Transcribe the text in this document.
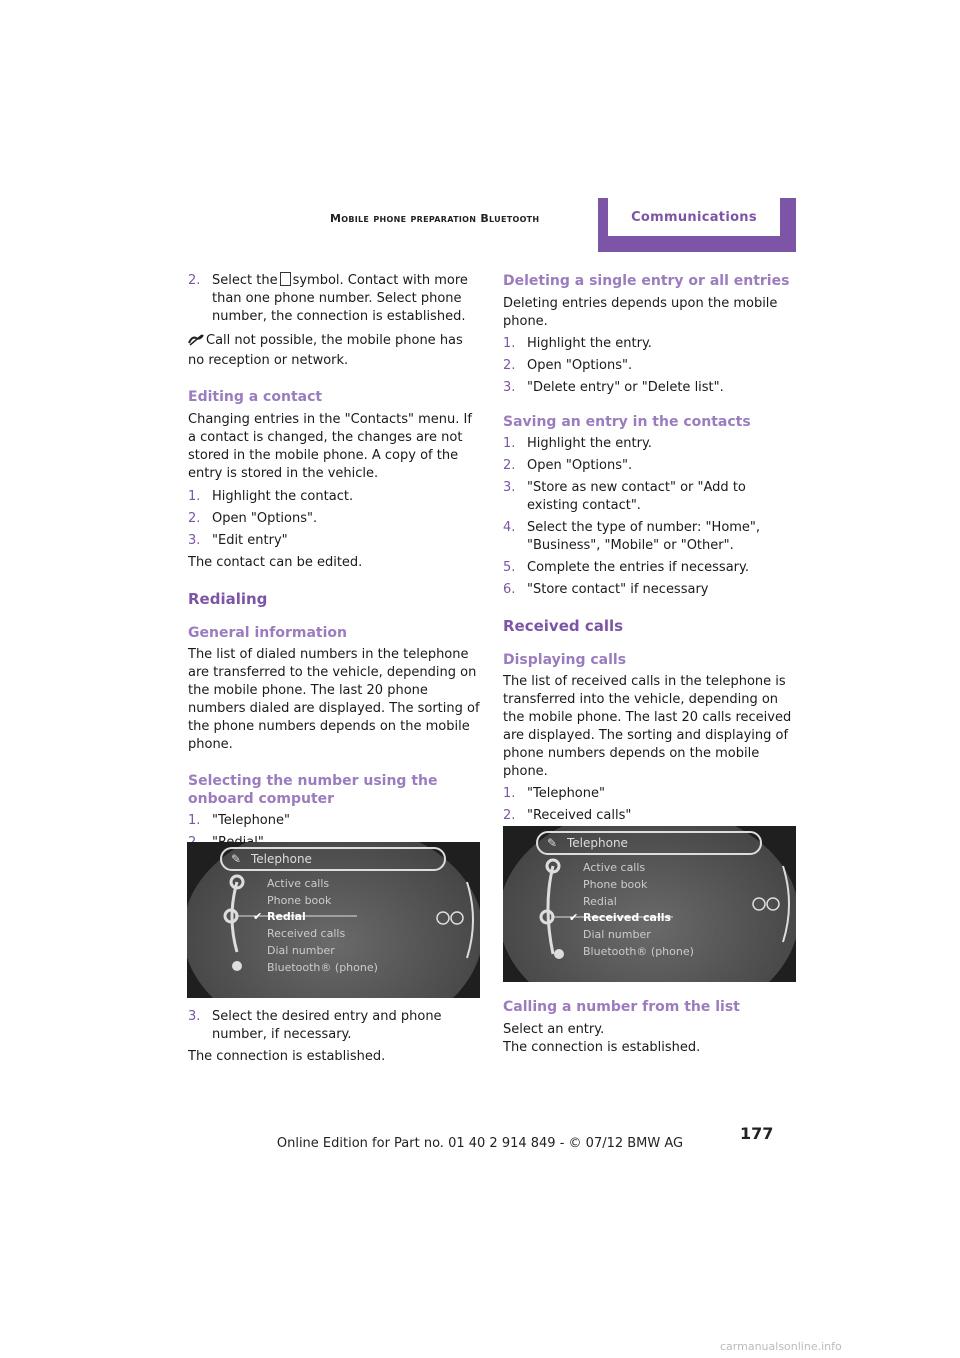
Mobile phone preparation Bluetooth	Communications
2. Select the symbol. Contact with more than one phone number. Select phone number, the connection is established.

Call not possible, the mobile phone has no reception or network.

Editing a contact

Changing entries in the "Contacts" menu. If a contact is changed, the changes are not stored in the mobile phone. A copy of the entry is stored in the vehicle.

1. Highlight the contact.
2. Open "Options".
3. "Edit entry"

The contact can be edited.

Redialing

General information

The list of dialed numbers in the telephone are transferred to the vehicle, depending on the mobile phone. The last 20 phone numbers dialed are displayed. The sorting of the phone numbers depends on the mobile phone.

Selecting the number using the onboard computer

1. "Telephone"
Telephone
✎
Active calls
Phone book
✔ Redial
Received calls
Dial number
Bluetooth® (phone)
3. Select the desired entry and phone number, if necessary.

The connection is established.

Deleting a single entry or all entries

Deleting entries depends upon the mobile phone.

1. Highlight the entry.
2. Open "Options".
3. "Delete entry" or "Delete list".

Saving an entry in the contacts

1. Highlight the entry.
2. Open "Options".
3. "Store as new contact" or "Add to existing contact".
4. Select the type of number: "Home", "Business", "Mobile" or "Other".
5. Complete the entries if necessary.
6. "Store contact" if necessary

Received calls

Displaying calls

The list of received calls in the telephone is transferred into the vehicle, depending on the mobile phone. The last 20 calls received are displayed. The sorting and displaying of phone numbers depends on the mobile phone.

1. "Telephone"
2. "Received calls"
Telephone
✎
Active calls
Phone book
Redial
✔ Received calls
Dial number
Bluetooth® (phone)

Calling a number from the list

Select an entry.

The connection is established.

177
Online Edition for Part no. 01 40 2 914 849 - © 07/12 BMW AG
carmanualsonline.info
